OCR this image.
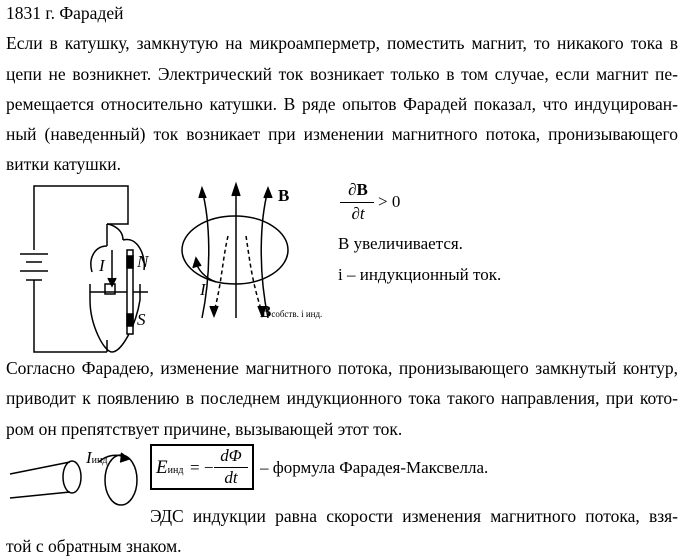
1831 г. Фарадей
Если в катушку, замкнутую на микроамперметр, поместить магнит, то никакого тока в
цепи не возникнет. Электрический ток возникает только в том случае, если магнит пе-
ремещается относительно катушки. В ряде опытов Фарадей показал, что индуцирован-
ный (наведенный) ток возникает при изменении магнитного потока, пронизывающего
витки катушки.
I N
S
B
I
Bсобств. i инд.
∂B
∂t
> 0
B увеличивается.
i – индукционный ток.
Согласно Фарадею, изменение магнитного потока, пронизывающего замкнутый контур,
приводит к появлению в последнем индукционного тока такого направления, при кото-
ром он препятствует причине, вызывающей этот ток.
Iинд	Eинд = −
dΦ
dt
– формула Фарадея-Максвелла.
ЭДС индукции равна скорости изменения магнитного потока, взя-
той с обратным знаком.
